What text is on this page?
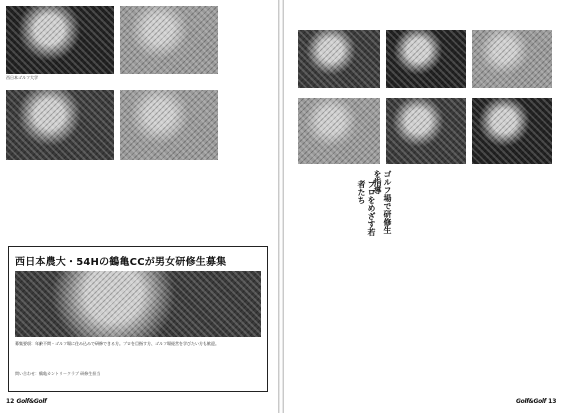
西日本ゴルフ大学
西日本農大・54Hの鶴亀CCが男女研修生募集
募集要項：年齢不問・ゴルフ場に住み込みで研修できる方。プロを目指す方、ゴルフ場経営を学びたい方も歓迎。
問い合わせ：鶴亀カントリークラブ 研修生担当
12 Golf&Golf
ゴルフ場で研修生を指導
プロをめざす若者たち
Golf&Golf 13
